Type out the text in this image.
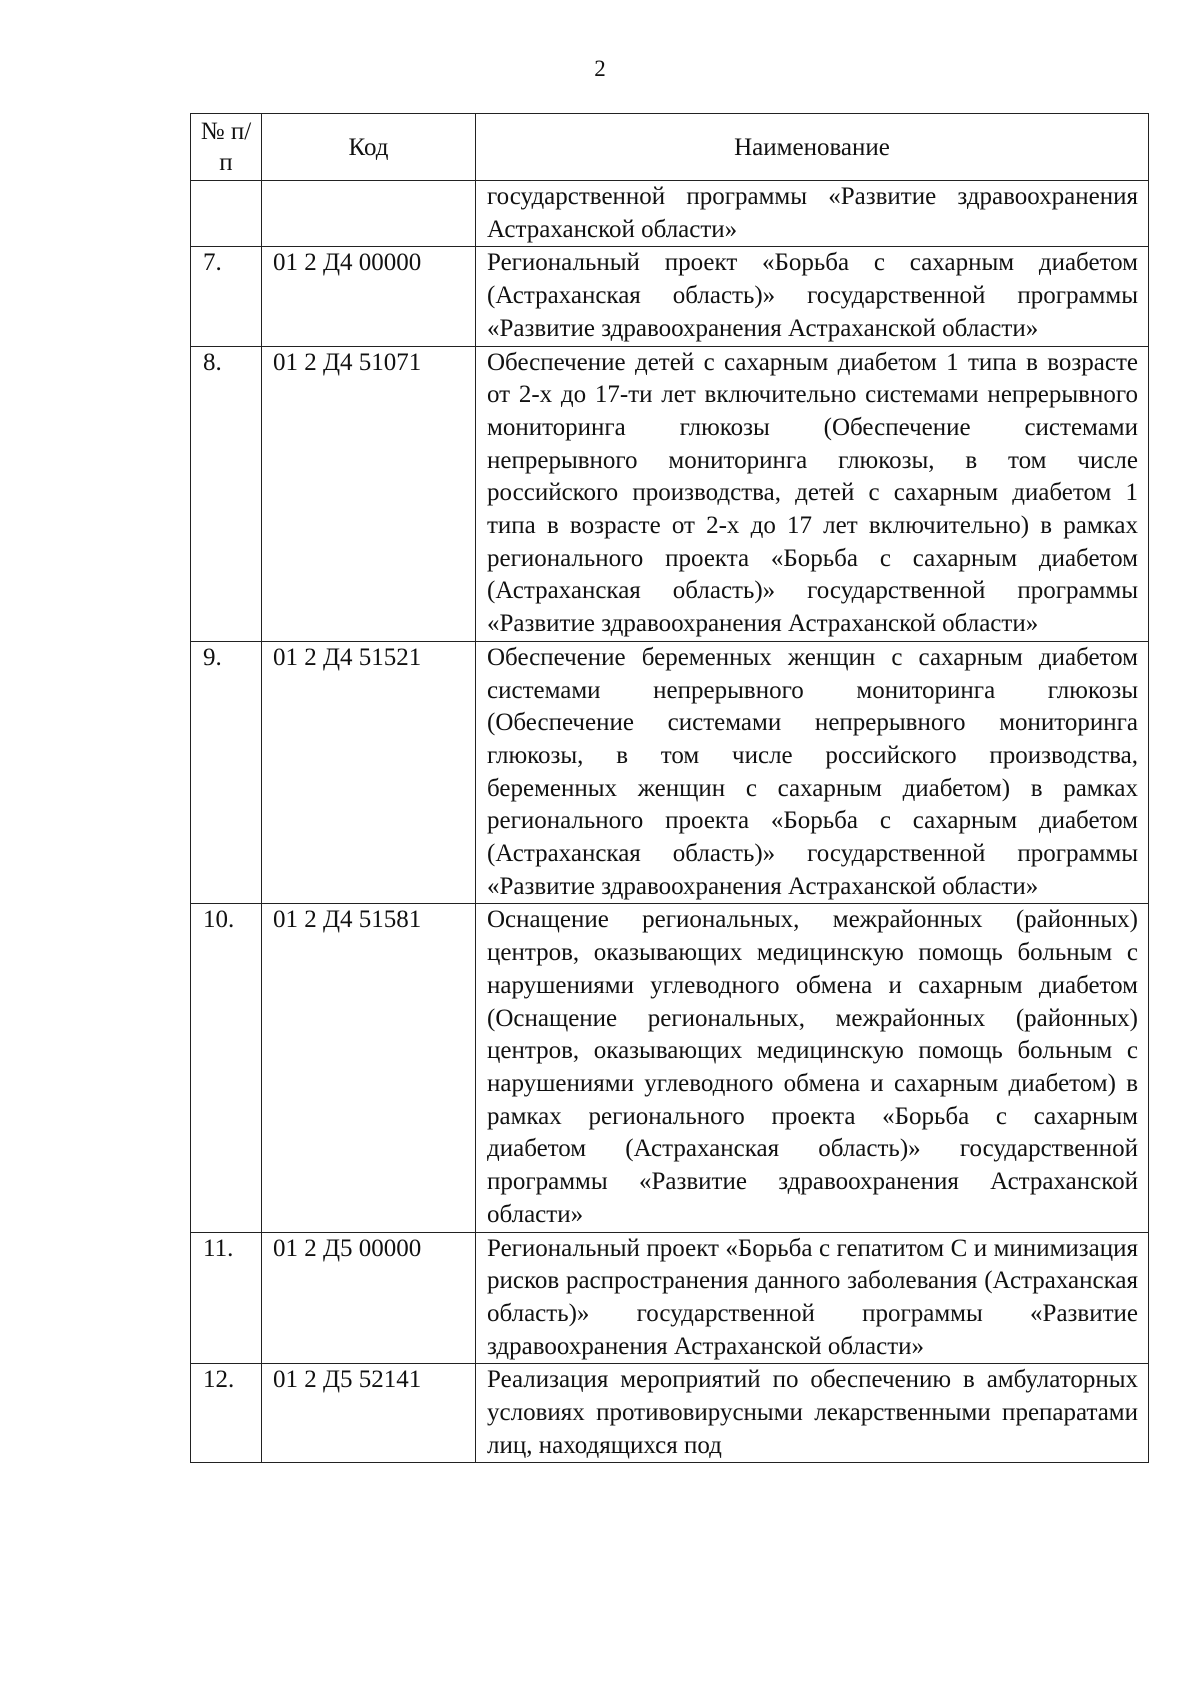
2
№ п/п	Код	Наименование
		государственной программы «Развитие здравоохранения Астраханской области»
7.	01 2 Д4 00000	Региональный проект «Борьба с сахарным диабетом (Астраханская область)» государственной программы «Развитие здравоохранения Астраханской области»
8.	01 2 Д4 51071	Обеспечение детей с сахарным диабетом 1 типа в возрасте от 2-х до 17-ти лет включительно системами непрерывного мониторинга глюкозы (Обеспечение системами непрерывного мониторинга глюкозы, в том числе российского производства, детей с сахарным диабетом 1 типа в возрасте от 2-х до 17 лет включительно) в рамках регионального проекта «Борьба с сахарным диабетом (Астраханская область)» государственной программы «Развитие здравоохранения Астраханской области»
9.	01 2 Д4 51521	Обеспечение беременных женщин с сахарным диабетом системами непрерывного мониторинга глюкозы (Обеспечение системами непрерывного мониторинга глюкозы, в том числе российского производства, беременных женщин с сахарным диабетом) в рамках регионального проекта «Борьба с сахарным диабетом (Астраханская область)» государственной программы «Развитие здравоохранения Астраханской области»
10.	01 2 Д4 51581	Оснащение региональных, межрайонных (районных) центров, оказывающих медицинскую помощь больным с нарушениями углеводного обмена и сахарным диабетом (Оснащение региональных, межрайонных (районных) центров, оказывающих медицинскую помощь больным с нарушениями углеводного обмена и сахарным диабетом) в рамках регионального проекта «Борьба с сахарным диабетом (Астраханская область)» государственной программы «Развитие здравоохранения Астраханской области»
11.	01 2 Д5 00000	Региональный проект «Борьба с гепатитом С и минимизация рисков распространения данного заболевания (Астраханская область)» государственной программы «Развитие здравоохранения Астраханской области»
12.	01 2 Д5 52141	Реализация мероприятий по обеспечению в амбулаторных условиях противовирусными лекарственными препаратами лиц, находящихся под
